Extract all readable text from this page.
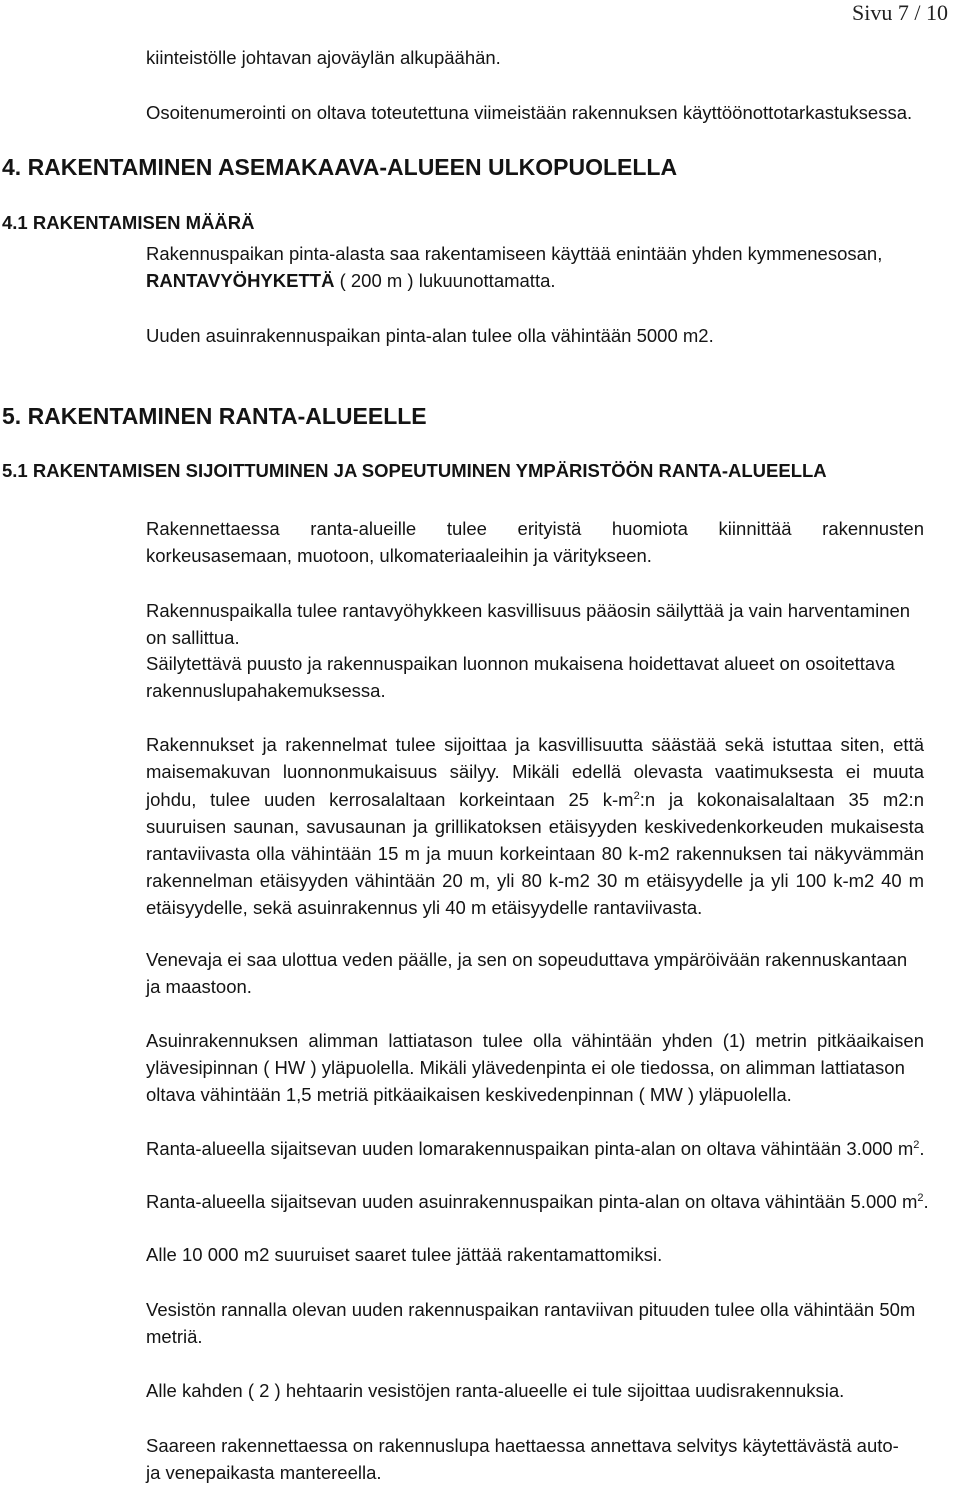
Sivu 7 / 10

kiinteistölle johtavan ajoväylän alkupäähän.

Osoitenumerointi on oltava toteutettuna viimeistään rakennuksen käyttöönottotarkastuksessa.

4. RAKENTAMINEN ASEMAKAAVA-ALUEEN ULKOPUOLELLA
4.1 RAKENTAMISEN MÄÄRÄ

Rakennuspaikan pinta-alasta saa rakentamiseen käyttää enintään yhden kymmenesosan,

RANTAVYÖHYKETTÄ ( 200 m ) lukuunottamatta.

Uuden asuinrakennuspaikan pinta-alan tulee olla vähintään 5000 m2.

5. RAKENTAMINEN RANTA-ALUEELLE
5.1 RAKENTAMISEN SIJOITTUMINEN JA SOPEUTUMINEN YMPÄRISTÖÖN RANTA-ALUEELLA

Rakennettaessa ranta-alueille tulee erityistä huomiota kiinnittää rakennusten

korkeusasemaan, muotoon, ulkomateriaaleihin ja väritykseen.

Rakennuspaikalla tulee rantavyöhykkeen kasvillisuus pääosin säilyttää ja vain harventaminen

on sallittua.

Säilytettävä puusto ja rakennuspaikan luonnon mukaisena hoidettavat alueet on osoitettava

rakennuslupahakemuksessa.

Rakennukset ja rakennelmat tulee sijoittaa ja kasvillisuutta säästää sekä istuttaa siten, että

maisemakuvan luonnonmukaisuus säilyy. Mikäli edellä olevasta vaatimuksesta ei muuta

johdu, tulee uuden kerrosalaltaan korkeintaan 25 $k-m^2:n$ ja kokonaisalaltaan 35 m2:n

suuruisen saunan, savusaunan ja grillikatoksen etäisyyden keskivedenkorkeuden mukaisesta

rantaviivasta olla vähintään 15 m ja muun korkeintaan 80 k-m2 rakennuksen tai näkyvämmän

rakennelman etäisyyden vähintään 20 m, yli 80 k-m2 30 m etäisyydelle ja yli 100 k-m2 40 m

etäisyydelle, sekä asuinrakennus yli 40 m etäisyydelle rantaviivasta.

Venevaja ei saa ulottua veden päälle, ja sen on sopeuduttava ympäröivään rakennuskantaan

ja maastoon.

Asuinrakennuksen alimman lattiatason tulee olla vähintään yhden (1) metrin pitkäaikaisen

ylävesipinnan ( HW ) yläpuolella. Mikäli ylävedenpinta ei ole tiedossa, on alimman lattiatason

oltava vähintään 1,5 metriä pitkäaikaisen keskivedenpinnan ( MW ) yläpuolella.

Ranta-alueella sijaitsevan uuden lomarakennuspaikan pinta-alan on oltava vähintään 3.000 $m^2$.

Ranta-alueella sijaitsevan uuden asuinrakennuspaikan pinta-alan on oltava vähintään 5.000 $m^2$.

Alle 10 000 m2 suuruiset saaret tulee jättää rakentamattomiksi.

Vesistön rannalla olevan uuden rakennuspaikan rantaviivan pituuden tulee olla vähintään 50m

metriä.

Alle kahden ( 2 ) hehtaarin vesistöjen ranta-alueelle ei tule sijoittaa uudisrakennuksia.

Saareen rakennettaessa on rakennuslupa haettaessa annettava selvitys käytettävästä auto-

ja venepaikasta mantereella.
